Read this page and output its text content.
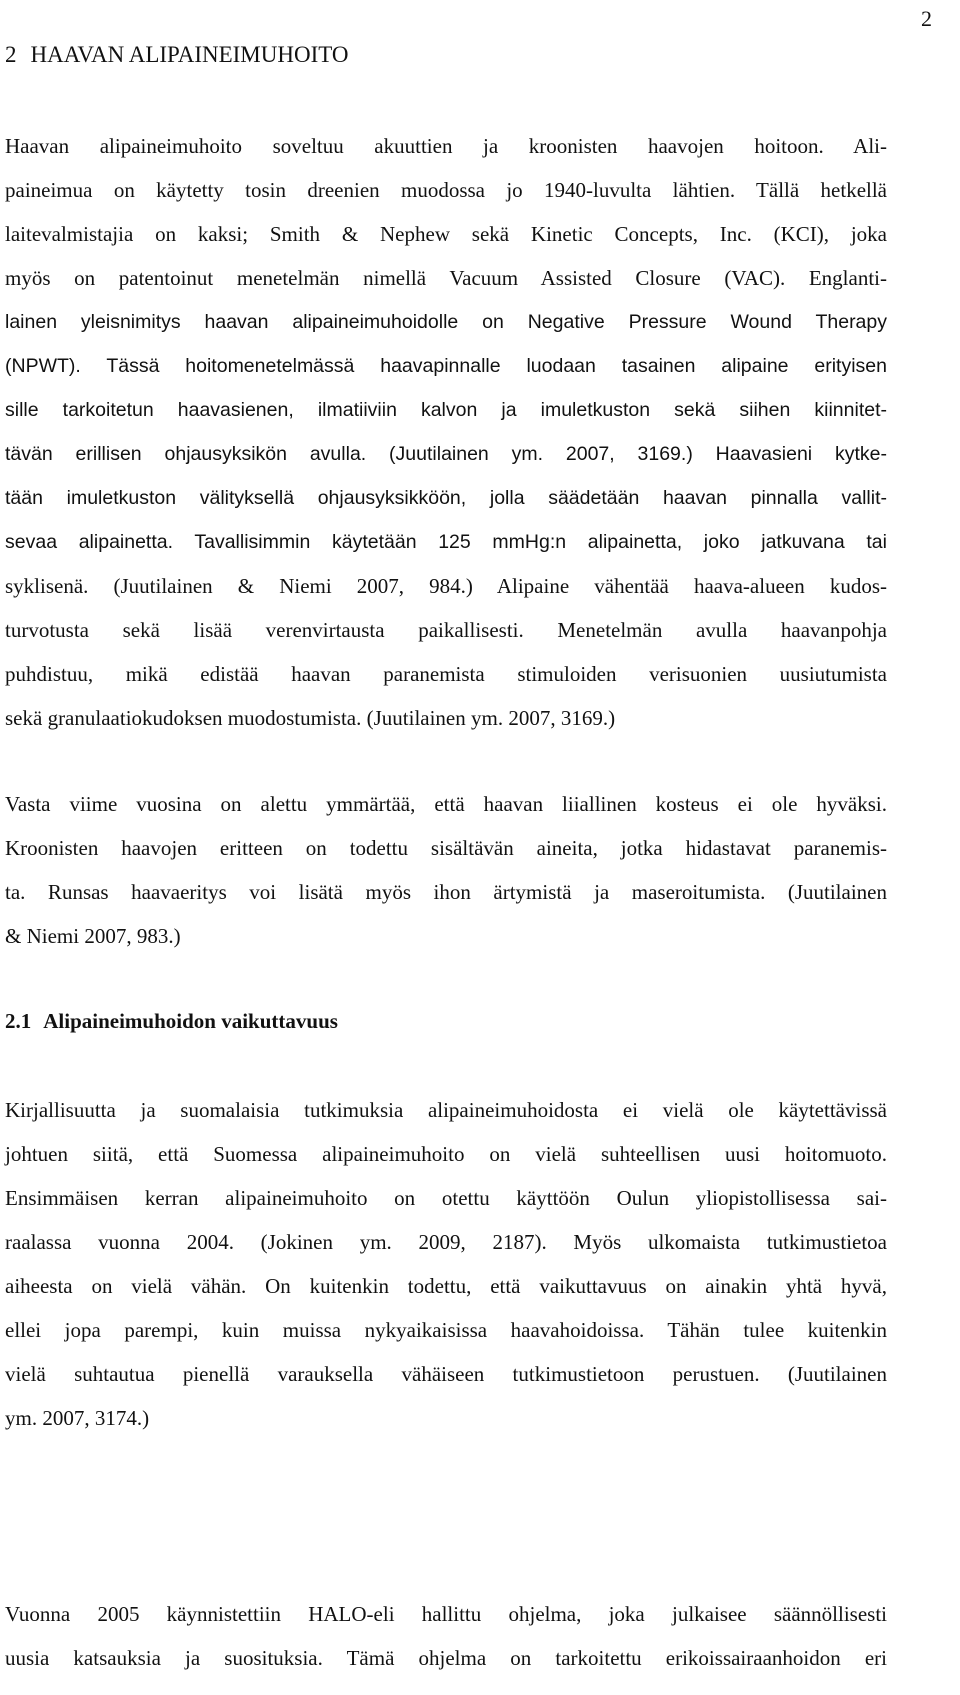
2
2 HAAVAN ALIPAINEIMUHOITO
Haavan alipaineimuhoito soveltuu akuuttien ja kroonisten haavojen hoitoon. Ali-
paineimua on käytetty tosin dreenien muodossa jo 1940-luvulta lähtien. Tällä hetkellä
laitevalmistajia on kaksi; Smith & Nephew sekä Kinetic Concepts, Inc. (KCI), joka
myös on patentoinut menetelmän nimellä Vacuum Assisted Closure (VAC). Englanti-
lainen yleisnimitys haavan alipaineimuhoidolle on Negative Pressure Wound Therapy
(NPWT). Tässä hoitomenetelmässä haavapinnalle luodaan tasainen alipaine erityisen
sille tarkoitetun haavasienen, ilmatiiviin kalvon ja imuletkuston sekä siihen kiinnitet-
tävän erillisen ohjausyksikön avulla. (Juutilainen ym. 2007, 3169.) Haavasieni kytke-
tään imuletkuston välityksellä ohjausyksikköön, jolla säädetään haavan pinnalla vallit-
sevaa alipainetta. Tavallisimmin käytetään 125 mmHg:n alipainetta, joko jatkuvana tai
syklisenä. (Juutilainen & Niemi 2007, 984.) Alipaine vähentää haava-alueen kudos-
turvotusta sekä lisää verenvirtausta paikallisesti. Menetelmän avulla haavanpohja
puhdistuu, mikä edistää haavan paranemista stimuloiden verisuonien uusiutumista
sekä granulaatiokudoksen muodostumista. (Juutilainen ym. 2007, 3169.)
Vasta viime vuosina on alettu ymmärtää, että haavan liiallinen kosteus ei ole hyväksi.
Kroonisten haavojen eritteen on todettu sisältävän aineita, jotka hidastavat paranemis-
ta. Runsas haavaeritys voi lisätä myös ihon ärtymistä ja maseroitumista. (Juutilainen
& Niemi 2007, 983.)
2.1 Alipaineimuhoidon vaikuttavuus
Kirjallisuutta ja suomalaisia tutkimuksia alipaineimuhoidosta ei vielä ole käytettävissä
johtuen siitä, että Suomessa alipaineimuhoito on vielä suhteellisen uusi hoitomuoto.
Ensimmäisen kerran alipaineimuhoito on otettu käyttöön Oulun yliopistollisessa sai-
raalassa vuonna 2004. (Jokinen ym. 2009, 2187). Myös ulkomaista tutkimustietoa
aiheesta on vielä vähän. On kuitenkin todettu, että vaikuttavuus on ainakin yhtä hyvä,
ellei jopa parempi, kuin muissa nykyaikaisissa haavahoidoissa. Tähän tulee kuitenkin
vielä suhtautua pienellä varauksella vähäiseen tutkimustietoon perustuen. (Juutilainen
ym. 2007, 3174.)
Vuonna 2005 käynnistettiin HALO-eli hallittu ohjelma, joka julkaisee säännöllisesti
uusia katsauksia ja suosituksia. Tämä ohjelma on tarkoitettu erikoissairaanhoidon eri
